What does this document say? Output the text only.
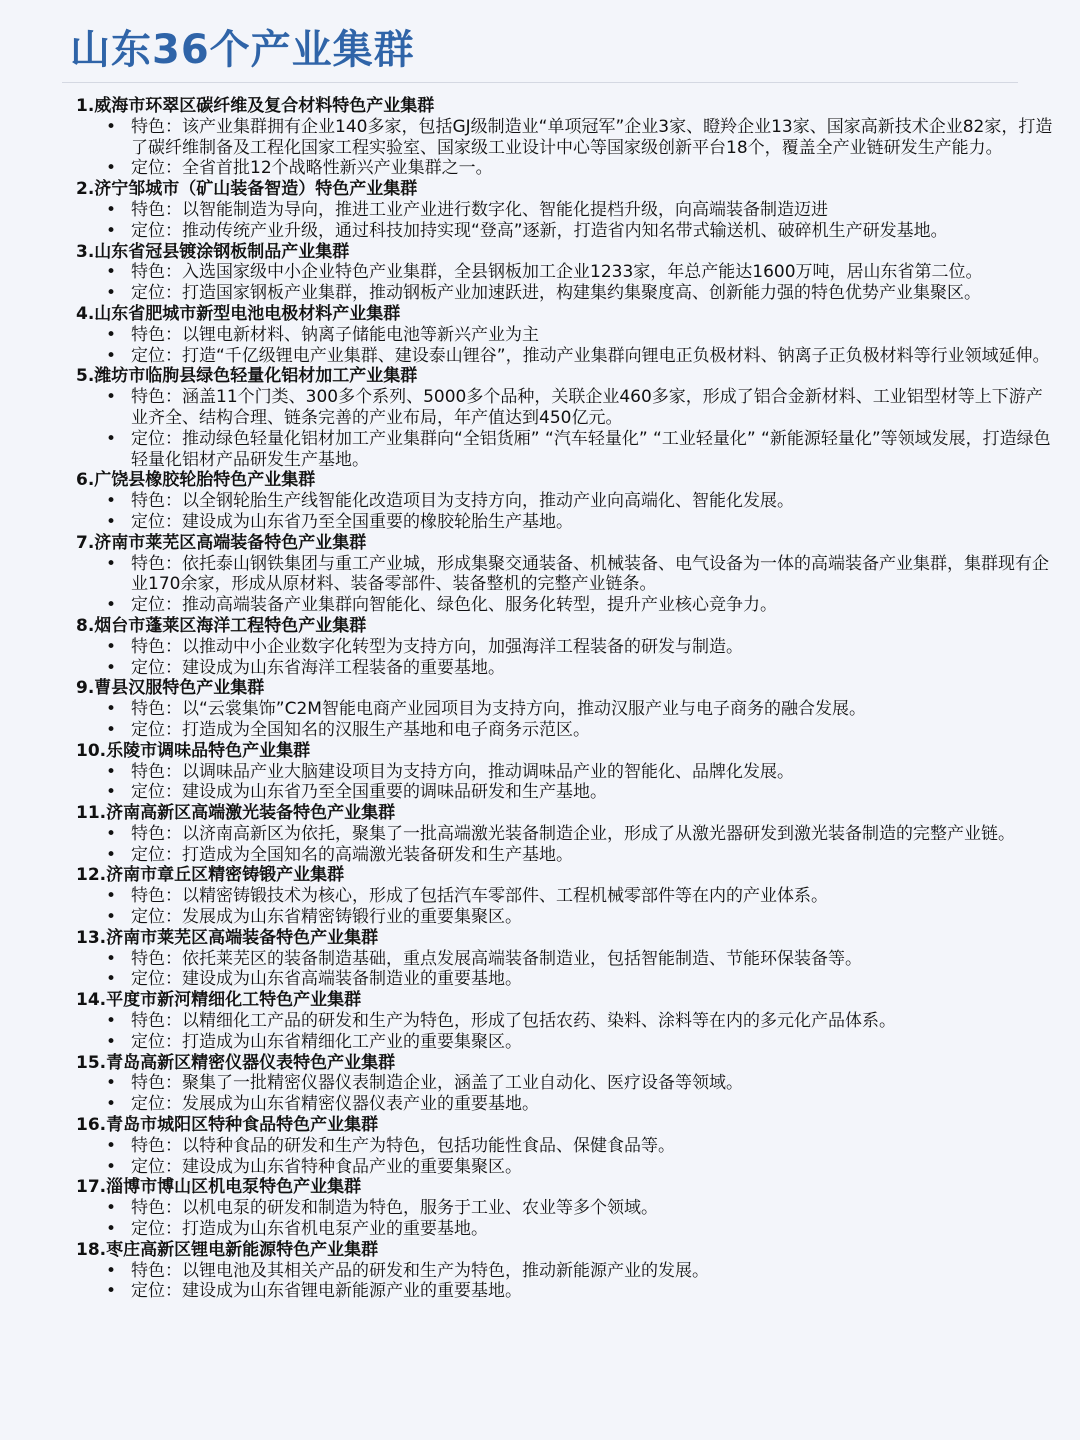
山东36个产业集群
1.威海市环翠区碳纤维及复合材料特色产业集群
• 特色：该产业集群拥有企业140多家，包括GJ级制造业“单项冠军”企业3家、瞪羚企业13家、国家高新技术企业82家，打造了碳纤维制备及工程化国家工程实验室、国家级工业设计中心等国家级创新平台18个，覆盖全产业链研发生产能力。
• 定位：全省首批12个战略性新兴产业集群之一。
2.济宁邹城市（矿山装备智造）特色产业集群
• 特色：以智能制造为导向，推进工业产业进行数字化、智能化提档升级，向高端装备制造迈进
• 定位：推动传统产业升级，通过科技加持实现“登高”逐新，打造省内知名带式输送机、破碎机生产研发基地。
3.山东省冠县镀涂钢板制品产业集群
• 特色：入选国家级中小企业特色产业集群，全县钢板加工企业1233家，年总产能达1600万吨，居山东省第二位。
• 定位：打造国家钢板产业集群，推动钢板产业加速跃进，构建集约集聚度高、创新能力强的特色优势产业集聚区。
4.山东省肥城市新型电池电极材料产业集群
• 特色：以锂电新材料、钠离子储能电池等新兴产业为主
• 定位：打造“千亿级锂电产业集群、建设泰山锂谷”，推动产业集群向锂电正负极材料、钠离子正负极材料等行业领域延伸。
5.潍坊市临朐县绿色轻量化铝材加工产业集群
• 特色：涵盖11个门类、300多个系列、5000多个品种，关联企业460多家，形成了铝合金新材料、工业铝型材等上下游产业齐全、结构合理、链条完善的产业布局，年产值达到450亿元。
• 定位：推动绿色轻量化铝材加工产业集群向“全铝货厢” “汽车轻量化” “工业轻量化” “新能源轻量化”等领域发展，打造绿色轻量化铝材产品研发生产基地。
6.广饶县橡胶轮胎特色产业集群
• 特色：以全钢轮胎生产线智能化改造项目为支持方向，推动产业向高端化、智能化发展。
• 定位：建设成为山东省乃至全国重要的橡胶轮胎生产基地。
7.济南市莱芜区高端装备特色产业集群
• 特色：依托泰山钢铁集团与重工产业城，形成集聚交通装备、机械装备、电气设备为一体的高端装备产业集群，集群现有企业170余家，形成从原材料、装备零部件、装备整机的完整产业链条。
• 定位：推动高端装备产业集群向智能化、绿色化、服务化转型，提升产业核心竞争力。
8.烟台市蓬莱区海洋工程特色产业集群
• 特色：以推动中小企业数字化转型为支持方向，加强海洋工程装备的研发与制造。
• 定位：建设成为山东省海洋工程装备的重要基地。
9.曹县汉服特色产业集群
• 特色：以“云裳集饰”C2M智能电商产业园项目为支持方向，推动汉服产业与电子商务的融合发展。
• 定位：打造成为全国知名的汉服生产基地和电子商务示范区。
10.乐陵市调味品特色产业集群
• 特色：以调味品产业大脑建设项目为支持方向，推动调味品产业的智能化、品牌化发展。
• 定位：建设成为山东省乃至全国重要的调味品研发和生产基地。
11.济南高新区高端激光装备特色产业集群
• 特色：以济南高新区为依托，聚集了一批高端激光装备制造企业，形成了从激光器研发到激光装备制造的完整产业链。
• 定位：打造成为全国知名的高端激光装备研发和生产基地。
12.济南市章丘区精密铸锻产业集群
• 特色：以精密铸锻技术为核心，形成了包括汽车零部件、工程机械零部件等在内的产业体系。
• 定位：发展成为山东省精密铸锻行业的重要集聚区。
13.济南市莱芜区高端装备特色产业集群
• 特色：依托莱芜区的装备制造基础，重点发展高端装备制造业，包括智能制造、节能环保装备等。
• 定位：建设成为山东省高端装备制造业的重要基地。
14.平度市新河精细化工特色产业集群
• 特色：以精细化工产品的研发和生产为特色，形成了包括农药、染料、涂料等在内的多元化产品体系。
• 定位：打造成为山东省精细化工产业的重要集聚区。
15.青岛高新区精密仪器仪表特色产业集群
• 特色：聚集了一批精密仪器仪表制造企业，涵盖了工业自动化、医疗设备等领域。
• 定位：发展成为山东省精密仪器仪表产业的重要基地。
16.青岛市城阳区特种食品特色产业集群
• 特色：以特种食品的研发和生产为特色，包括功能性食品、保健食品等。
• 定位：建设成为山东省特种食品产业的重要集聚区。
17.淄博市博山区机电泵特色产业集群
• 特色：以机电泵的研发和制造为特色，服务于工业、农业等多个领域。
• 定位：打造成为山东省机电泵产业的重要基地。
18.枣庄高新区锂电新能源特色产业集群
• 特色：以锂电池及其相关产品的研发和生产为特色，推动新能源产业的发展。
• 定位：建设成为山东省锂电新能源产业的重要基地。
